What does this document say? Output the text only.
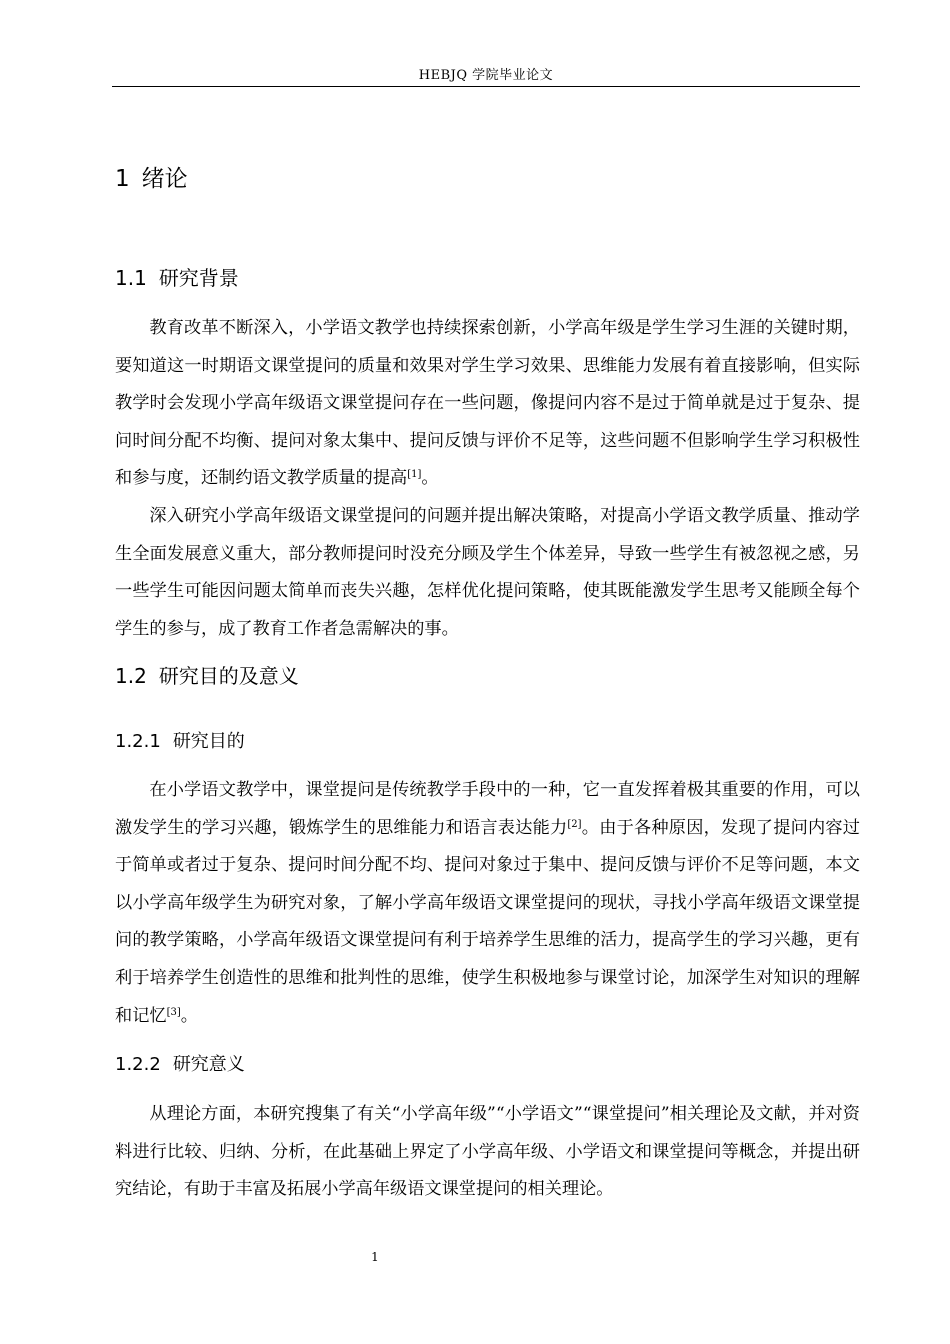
HEBJQ 学院毕业论文
1 绪论
1.1 研究背景

教育改革不断深入，小学语文教学也持续探索创新，小学高年级是学生学习生涯的关键时期，要知道这一时期语文课堂提问的质量和效果对学生学习效果、思维能力发展有着直接影响，但实际教学时会发现小学高年级语文课堂提问存在一些问题，像提问内容不是过于简单就是过于复杂、提问时间分配不均衡、提问对象太集中、提问反馈与评价不足等，这些问题不但影响学生学习积极性和参与度，还制约语文教学质量的提高[1]。

深入研究小学高年级语文课堂提问的问题并提出解决策略，对提高小学语文教学质量、推动学生全面发展意义重大，部分教师提问时没充分顾及学生个体差异，导致一些学生有被忽视之感，另一些学生可能因问题太简单而丧失兴趣，怎样优化提问策略，使其既能激发学生思考又能顾全每个学生的参与，成了教育工作者急需解决的事。

1.2 研究目的及意义
1.2.1 研究目的

在小学语文教学中，课堂提问是传统教学手段中的一种，它一直发挥着极其重要的作用，可以激发学生的学习兴趣，锻炼学生的思维能力和语言表达能力[2]。由于各种原因，发现了提问内容过于简单或者过于复杂、提问时间分配不均、提问对象过于集中、提问反馈与评价不足等问题，本文以小学高年级学生为研究对象，了解小学高年级语文课堂提问的现状，寻找小学高年级语文课堂提问的教学策略，小学高年级语文课堂提问有利于培养学生思维的活力，提高学生的学习兴趣，更有利于培养学生创造性的思维和批判性的思维，使学生积极地参与课堂讨论，加深学生对知识的理解和记忆[3]。

1.2.2 研究意义

从理论方面，本研究搜集了有关“小学高年级”“小学语文”“课堂提问”相关理论及文献，并对资料进行比较、归纳、分析，在此基础上界定了小学高年级、小学语文和课堂提问等概念，并提出研究结论，有助于丰富及拓展小学高年级语文课堂提问的相关理论。

1
